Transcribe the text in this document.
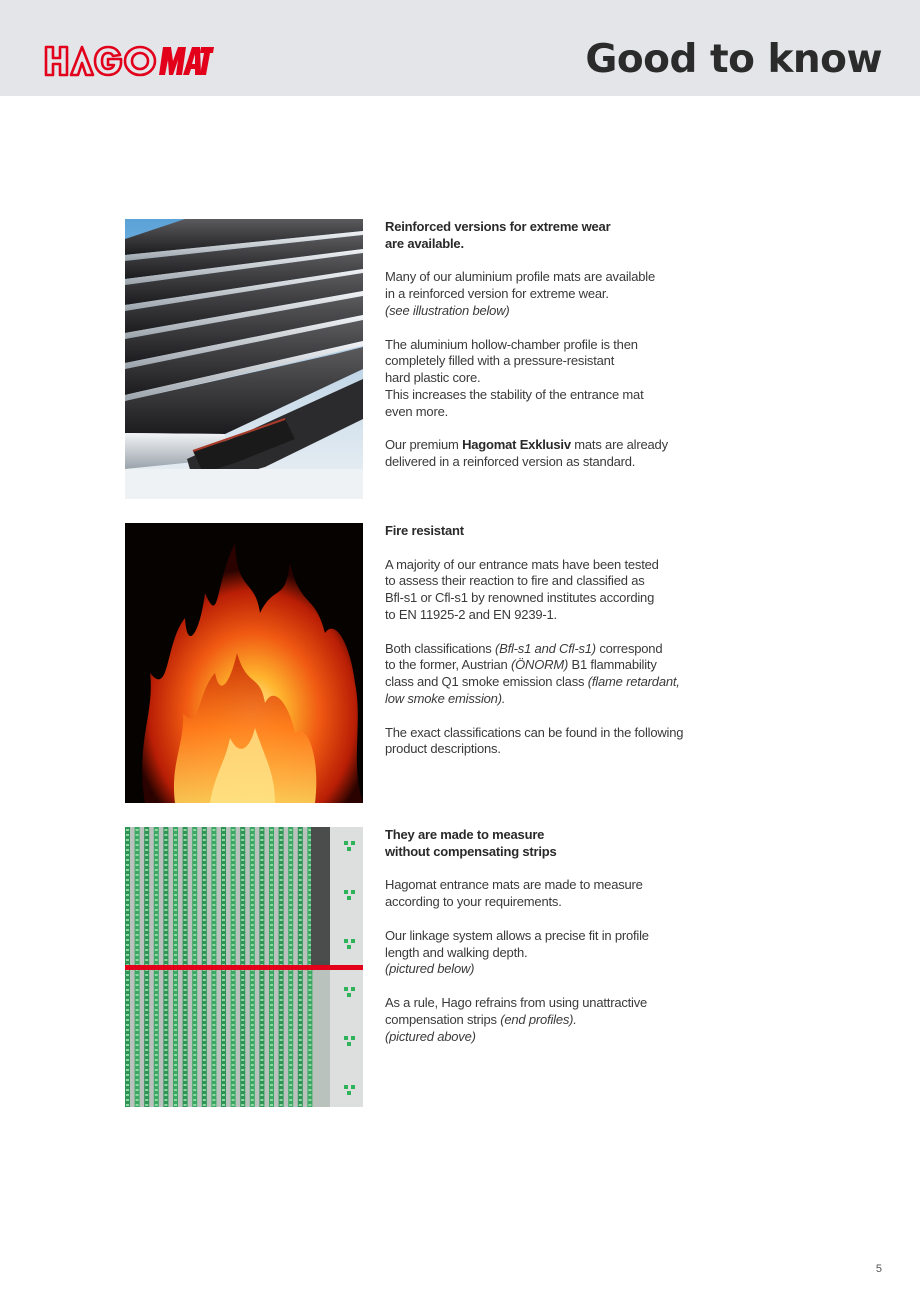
Good to know
Reinforced versions for extreme wear
are available.

Many of our aluminium profile mats are available
in a reinforced version for extreme wear.
(see illustration below)

The aluminium hollow-chamber profile is then
completely filled with a pressure-resistant
hard plastic core.
This increases the stability of the entrance mat
even more.

Our premium Hagomat Exklusiv mats are already
delivered in a reinforced version as standard.

Fire resistant

A majority of our entrance mats have been tested
to assess their reaction to fire and classified as
Bfl-s1 or Cfl-s1 by renowned institutes according
to EN 11925-2 and EN 9239-1.

Both classifications (Bfl-s1 and Cfl-s1) correspond
to the former, Austrian (ÖNORM) B1 flammability
class and Q1 smoke emission class (flame retardant,
low smoke emission).

The exact classifications can be found in the following
product descriptions.

They are made to measure
without compensating strips

Hagomat entrance mats are made to measure
according to your requirements.

Our linkage system allows a precise fit in profile
length and walking depth.
(pictured below)

As a rule, Hago refrains from using unattractive
compensation strips (end profiles).
(pictured above)

5
